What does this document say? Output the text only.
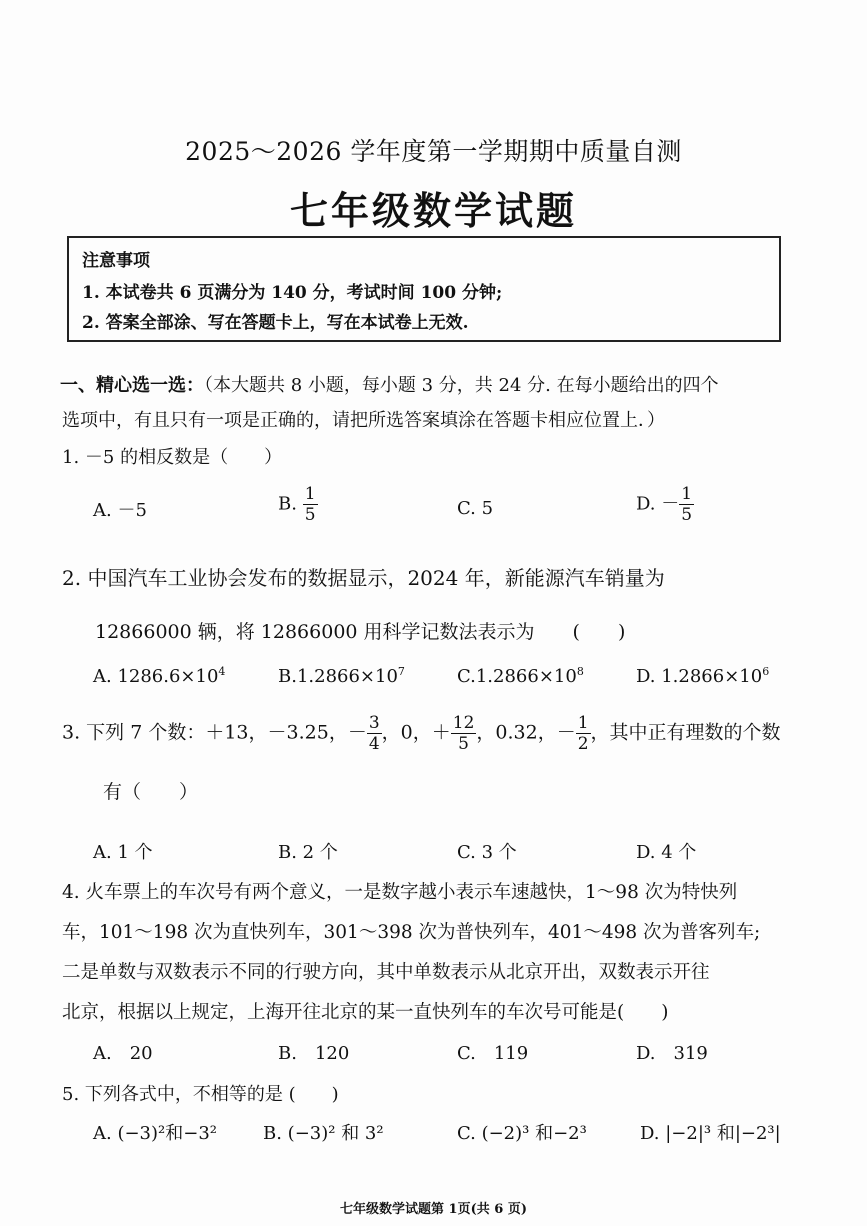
2025～2026 学年度第一学期期中质量自测
七年级数学试题
注意事项
1. 本试卷共 6 页满分为 140 分，考试时间 100 分钟;
2. 答案全部涂、写在答题卡上，写在本试卷上无效.
一、精心选一选：（本大题共 8 小题，每小题 3 分，共 24 分. 在每小题给出的四个
选项中，有且只有一项是正确的，请把所选答案填涂在答题卡相应位置上．）
1. －5 的相反数是（　　）
A. －5	B. $\frac{1}{5}$	C. 5	D. － $\frac{1}{5}$
2. 中国汽车工业协会发布的数据显示，2024 年，新能源汽车销量为
12866000 辆，将 12866000 用科学记数法表示为　　(　　)
A. $1286.6\times 10^4$	$B.1.2866\times 10^7$	$C.1.2866\times 10^8$	D. $1.2866\times 10^6$
3. 下列 7 个数：＋13，－3.25，－ $\frac{3}{4}$ ，0，＋ $\frac{12}{5}$ ，0.32，－ $\frac{1}{2}$ ，其中正有理数的个数
有（　　）
A. 1 个	B. 2 个	C. 3 个	D. 4 个
4. 火车票上的车次号有两个意义，一是数字越小表示车速越快，1～98 次为特快列
车，101～198 次为直快列车，301～398 次为普快列车，401～498 次为普客列车;
二是单数与双数表示不同的行驶方向，其中单数表示从北京开出，双数表示开往
北京，根据以上规定，上海开往北京的某一直快列车的车次号可能是(　　)
A.　20	B.　120	C.　119	D.　319
5. 下列各式中，不相等的是 (　　)
A. (−3)²和−3²	B. (−3)² 和 3²	C. (−2)³ 和−2³	D. |−2|³ 和|−2³|
七年级数学试题第 1页(共 6 页)
